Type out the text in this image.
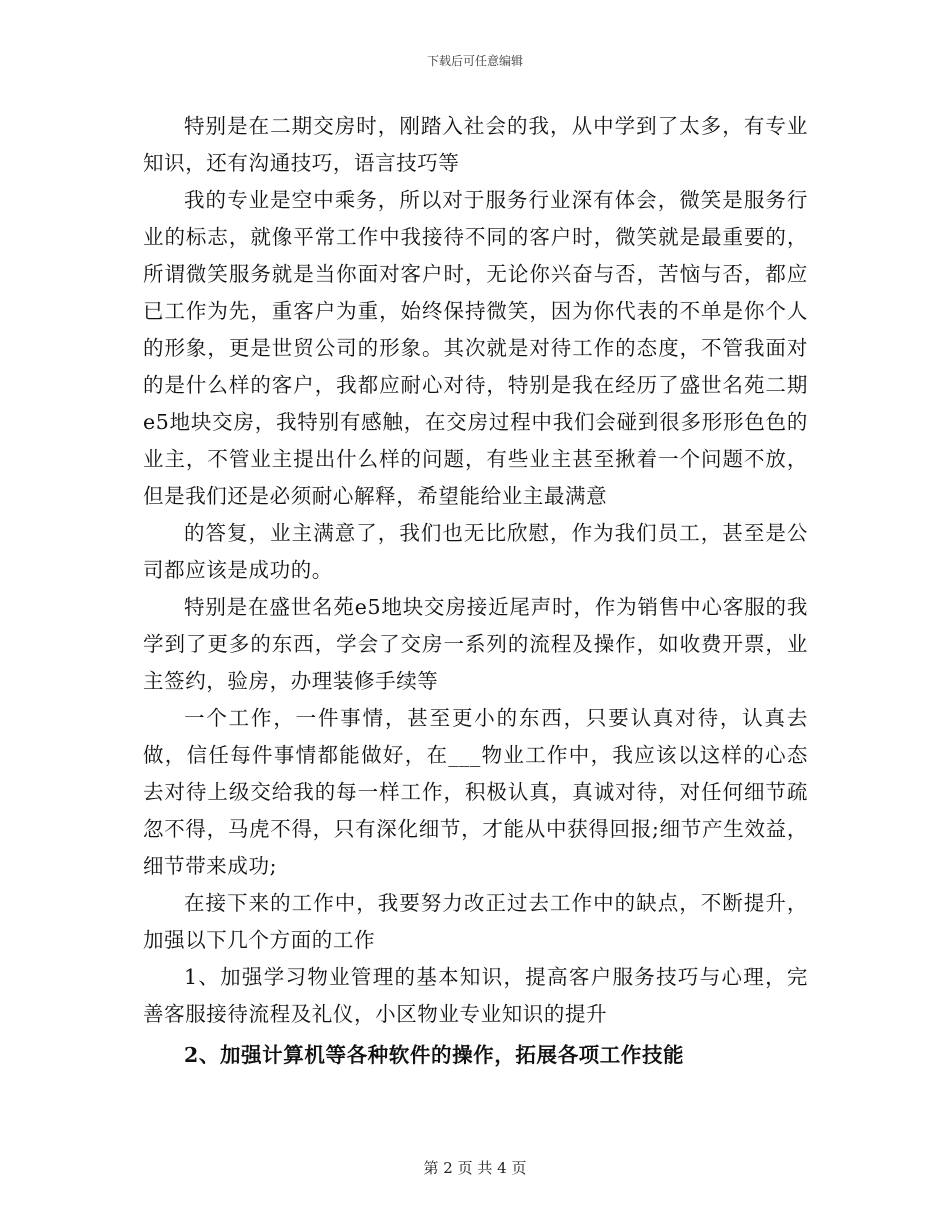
下载后可任意编辑

特别是在二期交房时，刚踏入社会的我，从中学到了太多，有专业知识，还有沟通技巧，语言技巧等

我的专业是空中乘务，所以对于服务行业深有体会，微笑是服务行业的标志，就像平常工作中我接待不同的客户时，微笑就是最重要的，所谓微笑服务就是当你面对客户时，无论你兴奋与否，苦恼与否，都应已工作为先，重客户为重，始终保持微笑，因为你代表的不单是你个人的形象，更是世贸公司的形象。其次就是对待工作的态度，不管我面对的是什么样的客户，我都应耐心对待，特别是我在经历了盛世名苑二期e5地块交房，我特别有感触，在交房过程中我们会碰到很多形形色色的业主，不管业主提出什么样的问题，有些业主甚至揪着一个问题不放，但是我们还是必须耐心解释，希望能给业主最满意

的答复，业主满意了，我们也无比欣慰，作为我们员工，甚至是公司都应该是成功的。

特别是在盛世名苑e5地块交房接近尾声时，作为销售中心客服的我学到了更多的东西，学会了交房一系列的流程及操作，如收费开票，业主签约，验房，办理装修手续等

一个工作，一件事情，甚至更小的东西，只要认真对待，认真去做，信任每件事情都能做好，在___物业工作中，我应该以这样的心态去对待上级交给我的每一样工作，积极认真，真诚对待，对任何细节疏忽不得，马虎不得，只有深化细节，才能从中获得回报;细节产生效益，细节带来成功;

在接下来的工作中，我要努力改正过去工作中的缺点，不断提升，加强以下几个方面的工作

1、加强学习物业管理的基本知识，提高客户服务技巧与心理，完善客服接待流程及礼仪，小区物业专业知识的提升

2、加强计算机等各种软件的操作，拓展各项工作技能

第 2 页 共 4 页
